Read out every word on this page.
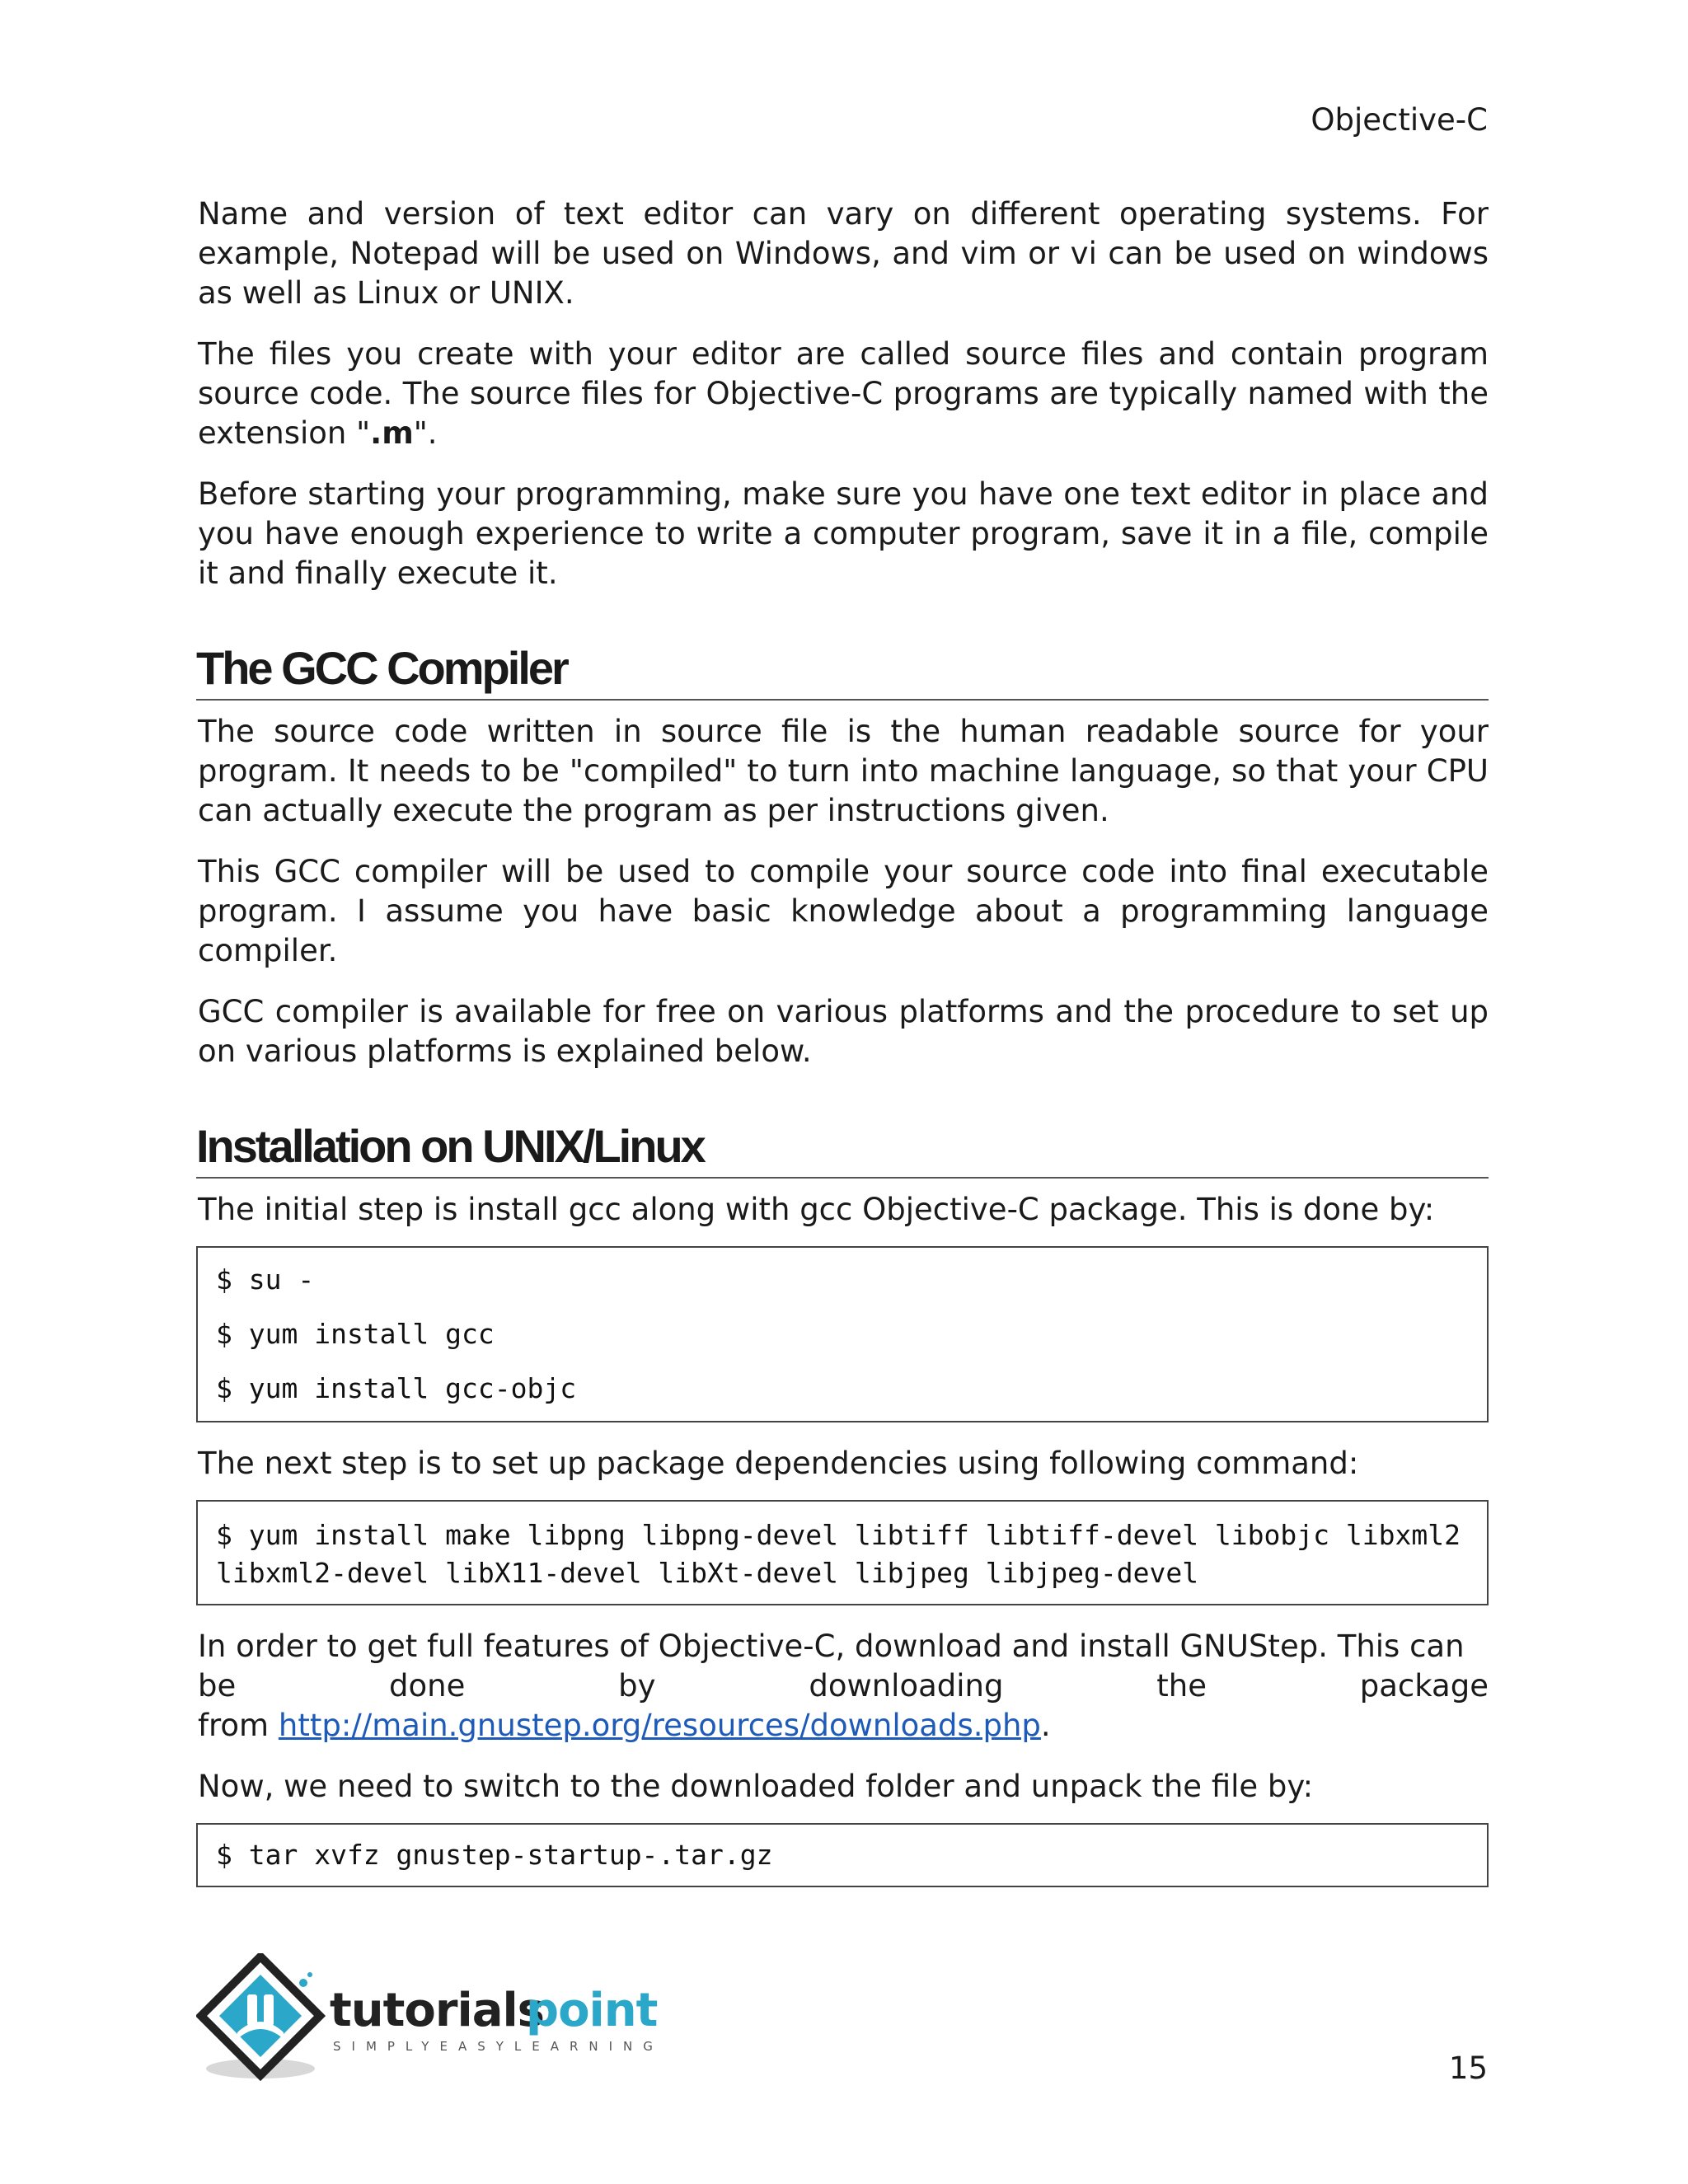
Objective-C

Name and version of text editor can vary on different operating systems. For example, Notepad will be used on Windows, and vim or vi can be used on windows as well as Linux or UNIX.

The files you create with your editor are called source files and contain program source code. The source files for Objective-C programs are typically named with the extension ".m".

Before starting your programming, make sure you have one text editor in place and you have enough experience to write a computer program, save it in a file, compile it and finally execute it.

The GCC Compiler

The source code written in source file is the human readable source for your program. It needs to be "compiled" to turn into machine language, so that your CPU can actually execute the program as per instructions given.

This GCC compiler will be used to compile your source code into final executable program. I assume you have basic knowledge about a programming language compiler.

GCC compiler is available for free on various platforms and the procedure to set up on various platforms is explained below.

Installation on UNIX/Linux

The initial step is install gcc along with gcc Objective-C package. This is done by:

$ su -
$ yum install gcc
$ yum install gcc-objc

The next step is to set up package dependencies using following command:

$ yum install make libpng libpng-devel libtiff libtiff-devel libobjc libxml2 libxml2-devel libX11-devel libXt-devel libjpeg libjpeg-devel

In order to get full features of Objective-C, download and install GNUStep. This can
be	done	by	downloading	the	package
from http://main.gnustep.org/resources/downloads.php.

Now, we need to switch to the downloaded folder and unpack the file by:

$ tar xvfz gnustep-startup-.tar.gz
tutorials
point
SIMPLYEASYLEARNING
15
